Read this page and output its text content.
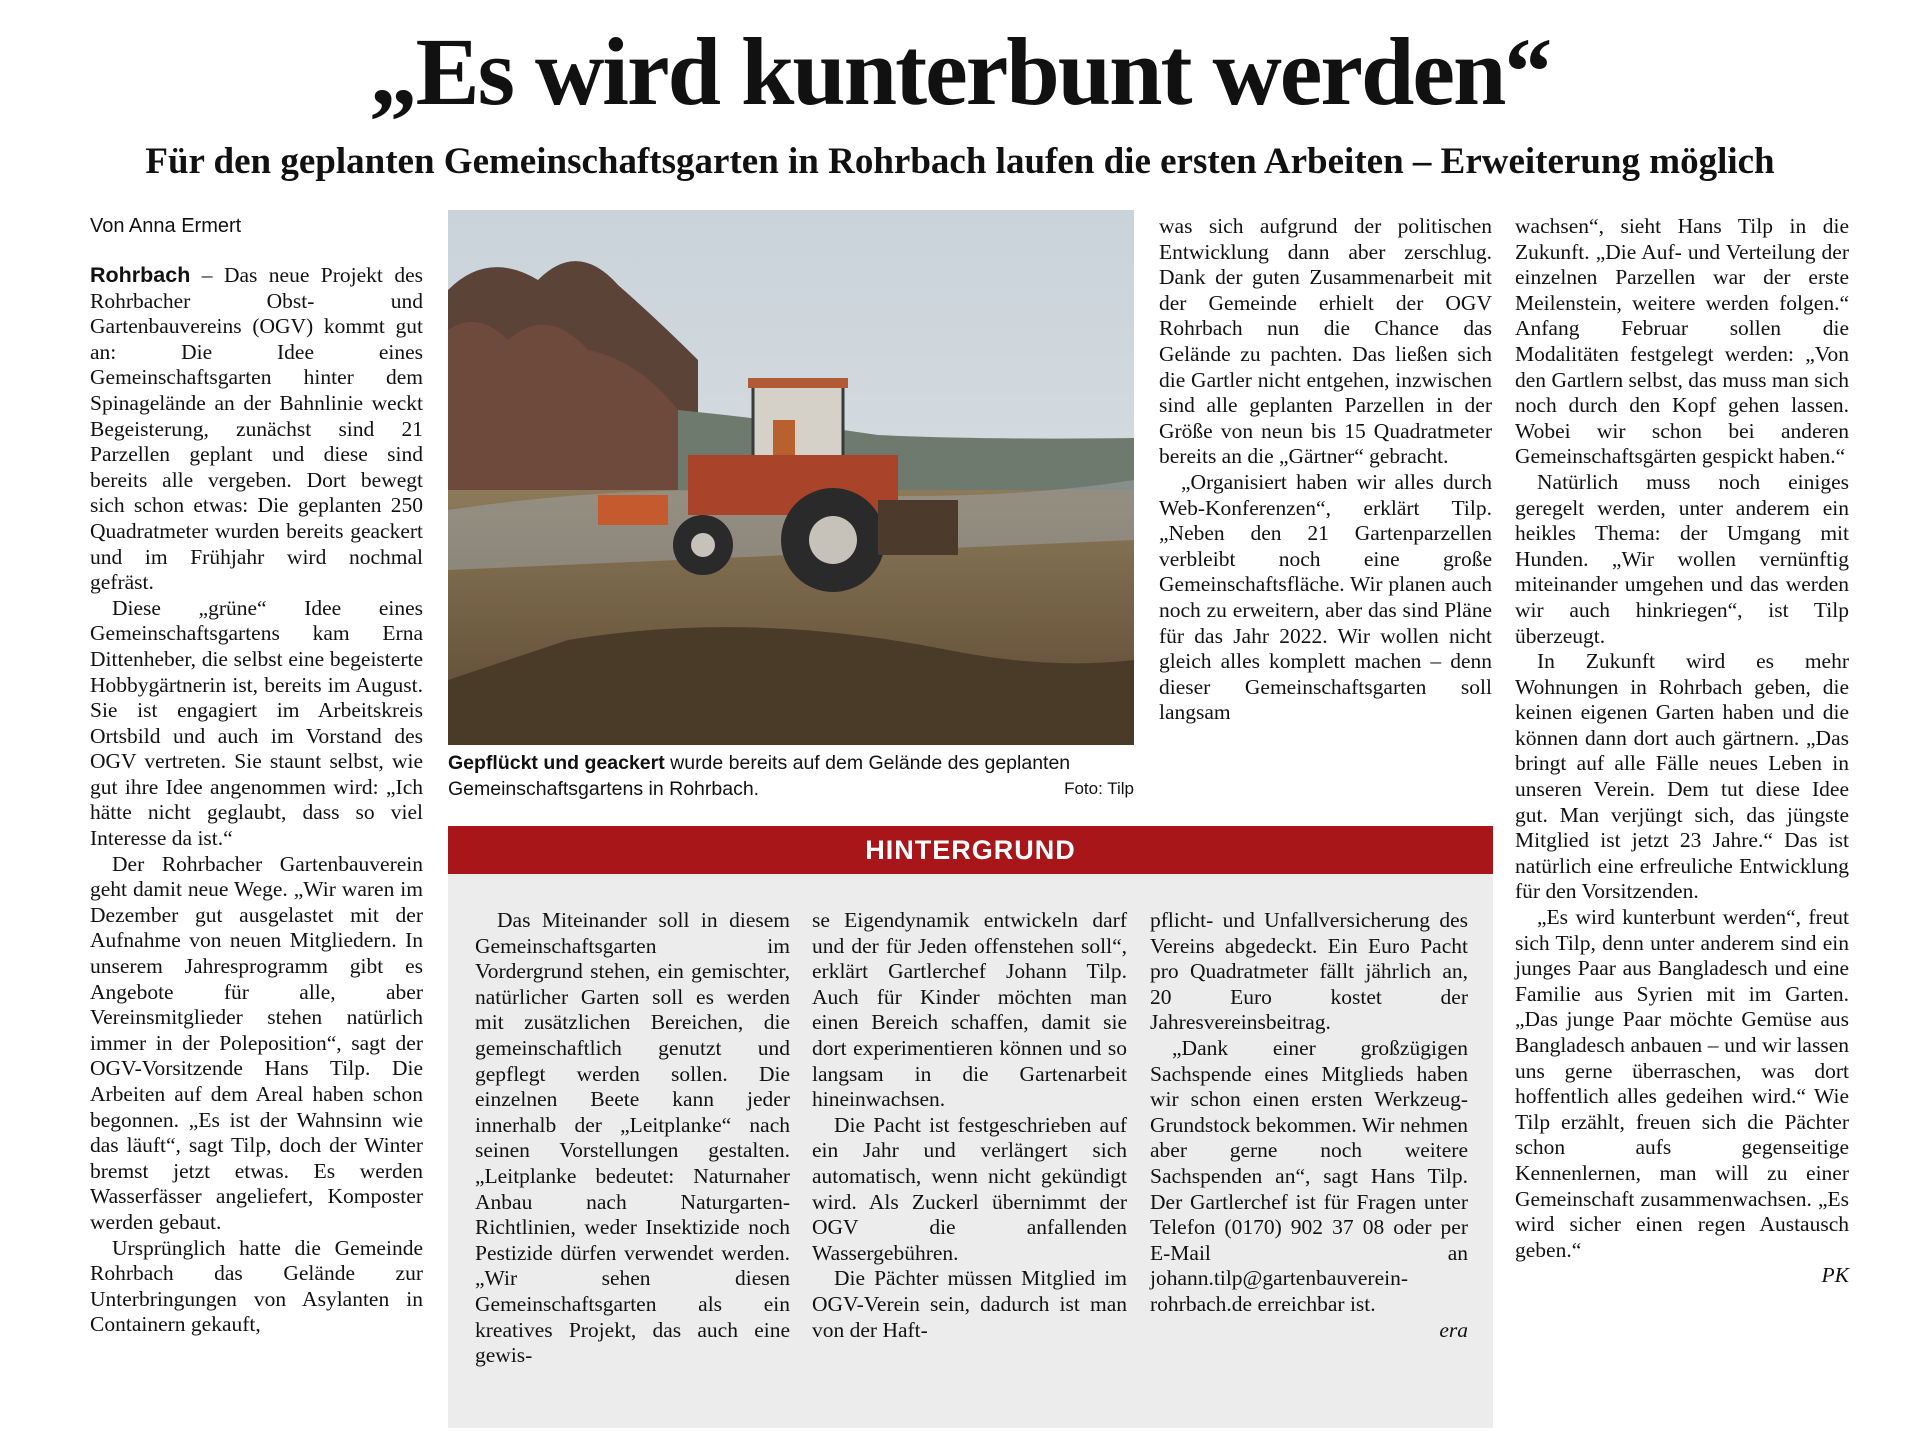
„Es wird kunterbunt werden“
Für den geplanten Gemeinschaftsgarten in Rohrbach laufen die ersten Arbeiten – Erweiterung möglich
Von Anna Ermert

Rohrbach – Das neue Projekt des Rohrbacher Obst- und Gartenbauvereins (OGV) kommt gut an: Die Idee eines Gemeinschaftsgarten hinter dem Spinagelände an der Bahnlinie weckt Begeisterung, zunächst sind 21 Parzellen geplant und diese sind bereits alle vergeben. Dort bewegt sich schon etwas: Die geplanten 250 Quadratmeter wurden bereits geackert und im Frühjahr wird nochmal gefräst.

Diese „grüne“ Idee eines Gemeinschaftsgartens kam Erna Dittenheber, die selbst eine begeisterte Hobbygärtnerin ist, bereits im August. Sie ist engagiert im Arbeitskreis Ortsbild und auch im Vorstand des OGV vertreten. Sie staunt selbst, wie gut ihre Idee angenommen wird: „Ich hätte nicht geglaubt, dass so viel Interesse da ist.“

Der Rohrbacher Gartenbauverein geht damit neue Wege. „Wir waren im Dezember gut ausgelastet mit der Aufnahme von neuen Mitgliedern. In unserem Jahresprogramm gibt es Angebote für alle, aber Vereinsmitglieder stehen natürlich immer in der Poleposition“, sagt der OGV-Vorsitzende Hans Tilp. Die Arbeiten auf dem Areal haben schon begonnen. „Es ist der Wahnsinn wie das läuft“, sagt Tilp, doch der Winter bremst jetzt etwas. Es werden Wasserfässer angeliefert, Komposter werden gebaut.

Ursprünglich hatte die Gemeinde Rohrbach das Gelände zur Unterbringungen von Asylanten in Containern gekauft,

Gepflückt und geackert wurde bereits auf dem Gelände des geplanten Gemeinschaftsgartens in Rohrbach.	Foto: Tilp

was sich aufgrund der politischen Entwicklung dann aber zerschlug. Dank der guten Zusammenarbeit mit der Gemeinde erhielt der OGV Rohrbach nun die Chance das Gelände zu pachten. Das ließen sich die Gartler nicht entgehen, inzwischen sind alle geplanten Parzellen in der Größe von neun bis 15 Quadratmeter bereits an die „Gärtner“ gebracht.

„Organisiert haben wir alles durch Web-Konferenzen“, erklärt Tilp. „Neben den 21 Gartenparzellen verbleibt noch eine große Gemeinschaftsfläche. Wir planen auch noch zu erweitern, aber das sind Pläne für das Jahr 2022. Wir wollen nicht gleich alles komplett machen – denn dieser Gemeinschaftsgarten soll langsam

wachsen“, sieht Hans Tilp in die Zukunft. „Die Auf- und Verteilung der einzelnen Parzellen war der erste Meilenstein, weitere werden folgen.“ Anfang Februar sollen die Modalitäten festgelegt werden: „Von den Gartlern selbst, das muss man sich noch durch den Kopf gehen lassen. Wobei wir schon bei anderen Gemeinschaftsgärten gespickt haben.“

Natürlich muss noch einiges geregelt werden, unter anderem ein heikles Thema: der Umgang mit Hunden. „Wir wollen vernünftig miteinander umgehen und das werden wir auch hinkriegen“, ist Tilp überzeugt.

In Zukunft wird es mehr Wohnungen in Rohrbach geben, die keinen eigenen Garten haben und die können dann dort auch gärtnern. „Das bringt auf alle Fälle neues Leben in unseren Verein. Dem tut diese Idee gut. Man verjüngt sich, das jüngste Mitglied ist jetzt 23 Jahre.“ Das ist natürlich eine erfreuliche Entwicklung für den Vorsitzenden.

„Es wird kunterbunt werden“, freut sich Tilp, denn unter anderem sind ein junges Paar aus Bangladesch und eine Familie aus Syrien mit im Garten. „Das junge Paar möchte Gemüse aus Bangladesch anbauen – und wir lassen uns gerne überraschen, was dort hoffentlich alles gedeihen wird.“ Wie Tilp erzählt, freuen sich die Pächter schon aufs gegenseitige Kennenlernen, man will zu einer Gemeinschaft zusammenwachsen. „Es wird sicher einen regen Austausch geben.“

PK
HINTERGRUND

Das Miteinander soll in diesem Gemeinschaftsgarten im Vordergrund stehen, ein gemischter, natürlicher Garten soll es werden mit zusätzlichen Bereichen, die gemeinschaftlich genutzt und gepflegt werden sollen. Die einzelnen Beete kann jeder innerhalb der „Leitplanke“ nach seinen Vorstellungen gestalten. „Leitplanke bedeutet: Naturnaher Anbau nach Naturgarten-Richtlinien, weder Insektizide noch Pestizide dürfen verwendet werden. „Wir sehen diesen Gemeinschaftsgarten als ein kreatives Projekt, das auch eine gewis-

se Eigendynamik entwickeln darf und der für Jeden offenstehen soll“, erklärt Gartlerchef Johann Tilp. Auch für Kinder möchten man einen Bereich schaffen, damit sie dort experimentieren können und so langsam in die Gartenarbeit hineinwachsen.

Die Pacht ist festgeschrieben auf ein Jahr und verlängert sich automatisch, wenn nicht gekündigt wird. Als Zuckerl übernimmt der OGV die anfallenden Wassergebühren.

Die Pächter müssen Mitglied im OGV-Verein sein, dadurch ist man von der Haft-

pflicht- und Unfallversicherung des Vereins abgedeckt. Ein Euro Pacht pro Quadratmeter fällt jährlich an, 20 Euro kostet der Jahresvereinsbeitrag.

„Dank einer großzügigen Sachspende eines Mitglieds haben wir schon einen ersten Werkzeug-Grundstock bekommen. Wir nehmen aber gerne noch weitere Sachspenden an“, sagt Hans Tilp. Der Gartlerchef ist für Fragen unter Telefon (0170) 902 37 08 oder per E-Mail an johann.tilp@gartenbauverein-rohrbach.de erreichbar ist.

era
